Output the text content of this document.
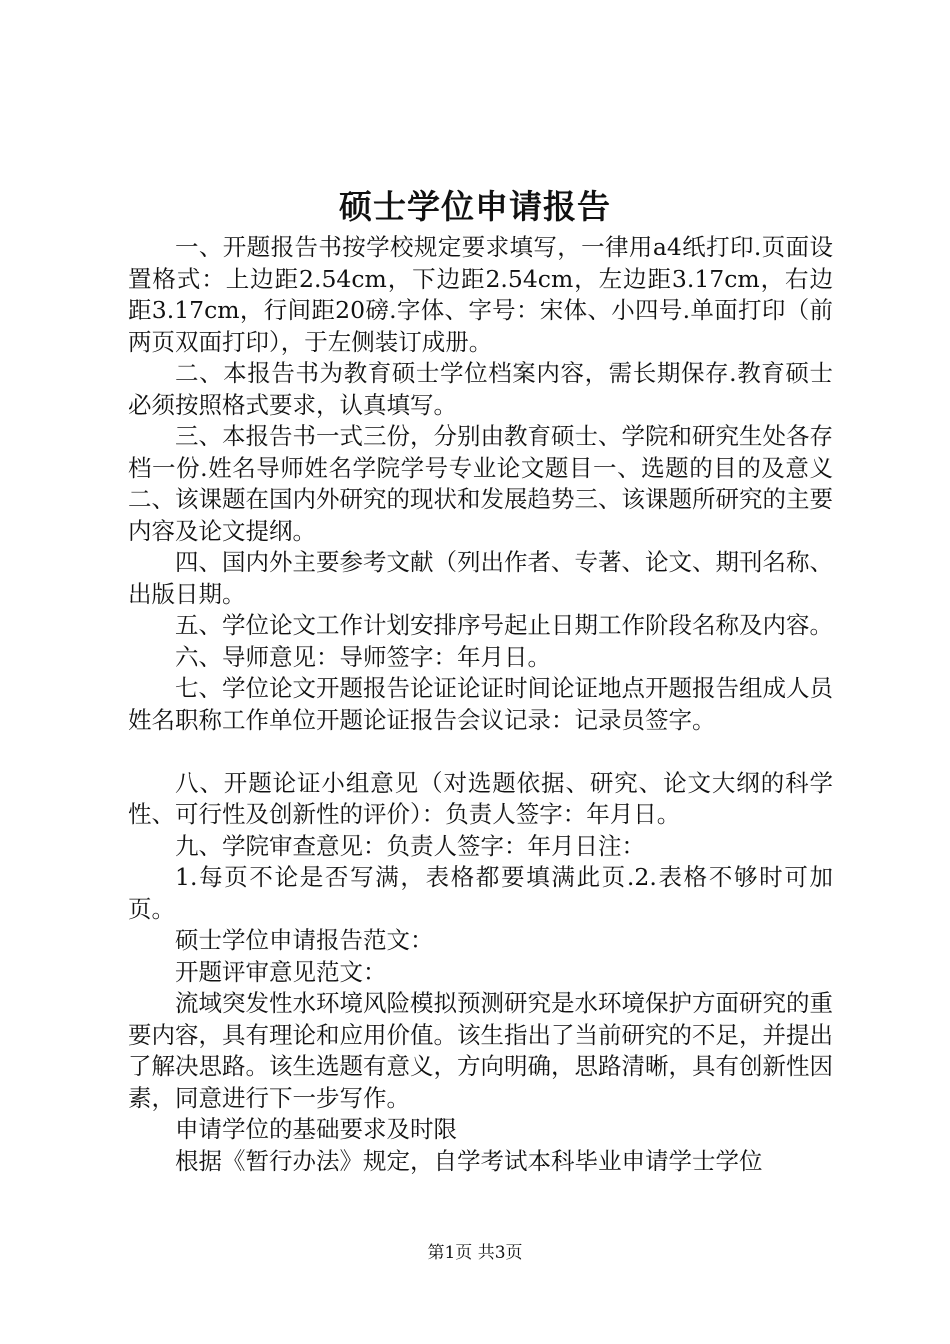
硕士学位申请报告

一、开题报告书按学校规定要求填写，一律用a4纸打印.页面设置格式：上边距2.54cm，下边距2.54cm，左边距3.17cm，右边距3.17cm，行间距20磅.字体、字号：宋体、小四号.单面打印（前两页双面打印），于左侧装订成册。

二、本报告书为教育硕士学位档案内容，需长期保存.教育硕士必须按照格式要求，认真填写。

三、本报告书一式三份，分别由教育硕士、学院和研究生处各存档一份.姓名导师姓名学院学号专业论文题目一、选题的目的及意义二、该课题在国内外研究的现状和发展趋势三、该课题所研究的主要内容及论文提纲。

四、国内外主要参考文献（列出作者、专著、论文、期刊名称、出版日期。

五、学位论文工作计划安排序号起止日期工作阶段名称及内容。

六、导师意见：导师签字：年月日。

七、学位论文开题报告论证论证时间论证地点开题报告组成人员姓名职称工作单位开题论证报告会议记录：记录员签字。

八、开题论证小组意见（对选题依据、研究、论文大纲的科学性、可行性及创新性的评价）：负责人签字：年月日。

九、学院审查意见：负责人签字：年月日注：

1.每页不论是否写满，表格都要填满此页.2.表格不够时可加页。

硕士学位申请报告范文：

开题评审意见范文：

流域突发性水环境风险模拟预测研究是水环境保护方面研究的重要内容，具有理论和应用价值。该生指出了当前研究的不足，并提出了解决思路。该生选题有意义，方向明确，思路清晰，具有创新性因素，同意进行下一步写作。

申请学位的基础要求及时限

根据《暂行办法》规定，自学考试本科毕业申请学士学位

第1页 共3页
